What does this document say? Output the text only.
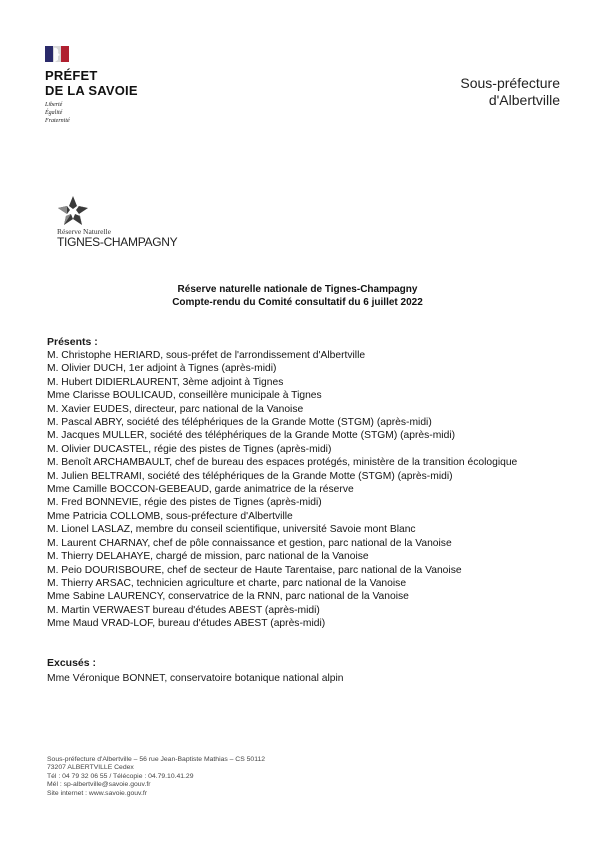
PRÉFET
DE LA SAVOIE
Liberté
Égalité
Fraternité
Sous-préfecture
d'Albertville
Réserve Naturelle
TIGNES-CHAMPAGNY
Réserve naturelle nationale de Tignes-Champagny
Compte-rendu du Comité consultatif du 6 juillet 2022
Présents :
M. Christophe HERIARD, sous-préfet de l'arrondissement d'Albertville
M. Olivier DUCH, 1er adjoint à Tignes (après-midi)
M. Hubert DIDIERLAURENT, 3ème adjoint à Tignes
Mme Clarisse BOULICAUD, conseillère municipale à Tignes
M. Xavier EUDES, directeur, parc national de la Vanoise
M. Pascal ABRY, société des téléphériques de la Grande Motte (STGM) (après-midi)
M. Jacques MULLER, société des téléphériques de la Grande Motte (STGM) (après-midi)
M. Olivier DUCASTEL, régie des pistes de Tignes (après-midi)
M. Benoît ARCHAMBAULT, chef de bureau des espaces protégés, ministère de la transition écologique
M. Julien BELTRAMI, société des téléphériques de la Grande Motte (STGM) (après-midi)
Mme Camille BOCCON-GEBEAUD, garde animatrice de la réserve
M. Fred BONNEVIE, régie des pistes de Tignes (après-midi)
Mme Patricia COLLOMB, sous-préfecture d'Albertville
M. Lionel LASLAZ, membre du conseil scientifique, université Savoie mont Blanc
M. Laurent CHARNAY, chef de pôle connaissance et gestion, parc national de la Vanoise
M. Thierry DELAHAYE, chargé de mission, parc national de la Vanoise
M. Peio DOURISBOURE, chef de secteur de Haute Tarentaise, parc national de la Vanoise
M. Thierry ARSAC, technicien agriculture et charte, parc national de la Vanoise
Mme Sabine LAURENCY, conservatrice de la RNN, parc national de la Vanoise
M. Martin VERWAEST bureau d'études ABEST (après-midi)
Mme Maud VRAD-LOF, bureau d'études ABEST (après-midi)
Excusés :
Mme Véronique BONNET, conservatoire botanique national alpin
Sous-préfecture d'Albertville – 56 rue Jean-Baptiste Mathias – CS 50112
73207 ALBERTVILLE Cedex
Tél : 04 79 32 06 55 / Télécopie : 04.79.10.41.29
Mél : sp-albertville@savoie.gouv.fr
Site internet : www.savoie.gouv.fr
